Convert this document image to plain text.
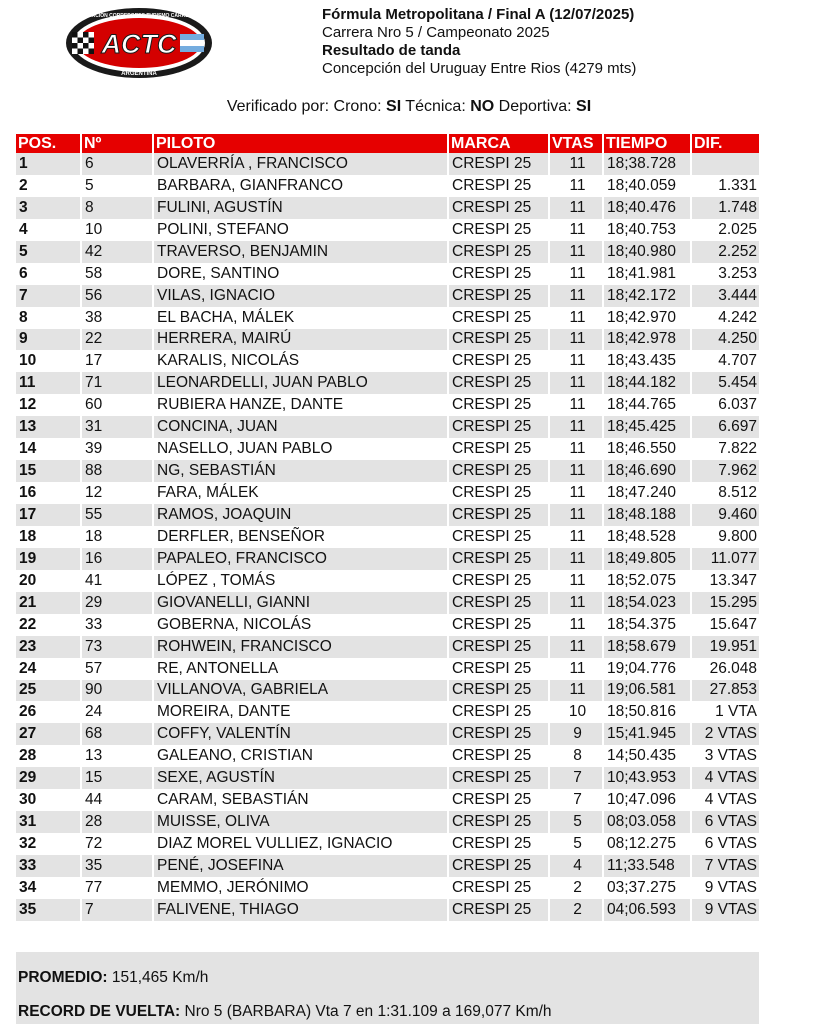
ACTC
ASOCIACIÓN CORREDORES TURISMO CARRETERA
ARGENTINA
Fórmula Metropolitana / Final A (12/07/2025)
Carrera Nro 5 / Campeonato 2025
Resultado de tanda
Concepción del Uruguay Entre Rios (4279 mts)
Verificado por: Crono: SI Técnica: NO Deportiva: SI
POS.	Nº	PILOTO	MARCA	VTAS	TIEMPO	DIF.
1	6	OLAVERRÍA , FRANCISCO	CRESPI 25	11	18;38.728	
2	5	BARBARA, GIANFRANCO	CRESPI 25	11	18;40.059	1.331
3	8	FULINI, AGUSTÍN	CRESPI 25	11	18;40.476	1.748
4	10	POLINI, STEFANO	CRESPI 25	11	18;40.753	2.025
5	42	TRAVERSO, BENJAMIN	CRESPI 25	11	18;40.980	2.252
6	58	DORE, SANTINO	CRESPI 25	11	18;41.981	3.253
7	56	VILAS, IGNACIO	CRESPI 25	11	18;42.172	3.444
8	38	EL BACHA, MÁLEK	CRESPI 25	11	18;42.970	4.242
9	22	HERRERA, MAIRÚ	CRESPI 25	11	18;42.978	4.250
10	17	KARALIS, NICOLÁS	CRESPI 25	11	18;43.435	4.707
11	71	LEONARDELLI, JUAN PABLO	CRESPI 25	11	18;44.182	5.454
12	60	RUBIERA HANZE, DANTE	CRESPI 25	11	18;44.765	6.037
13	31	CONCINA, JUAN	CRESPI 25	11	18;45.425	6.697
14	39	NASELLO, JUAN PABLO	CRESPI 25	11	18;46.550	7.822
15	88	NG, SEBASTIÁN	CRESPI 25	11	18;46.690	7.962
16	12	FARA, MÁLEK	CRESPI 25	11	18;47.240	8.512
17	55	RAMOS, JOAQUIN	CRESPI 25	11	18;48.188	9.460
18	18	DERFLER, BENSEÑOR	CRESPI 25	11	18;48.528	9.800
19	16	PAPALEO, FRANCISCO	CRESPI 25	11	18;49.805	11.077
20	41	LÓPEZ , TOMÁS	CRESPI 25	11	18;52.075	13.347
21	29	GIOVANELLI, GIANNI	CRESPI 25	11	18;54.023	15.295
22	33	GOBERNA, NICOLÁS	CRESPI 25	11	18;54.375	15.647
23	73	ROHWEIN, FRANCISCO	CRESPI 25	11	18;58.679	19.951
24	57	RE, ANTONELLA	CRESPI 25	11	19;04.776	26.048
25	90	VILLANOVA, GABRIELA	CRESPI 25	11	19;06.581	27.853
26	24	MOREIRA, DANTE	CRESPI 25	10	18;50.816	1 VTA
27	68	COFFY, VALENTÍN	CRESPI 25	9	15;41.945	2 VTAS
28	13	GALEANO, CRISTIAN	CRESPI 25	8	14;50.435	3 VTAS
29	15	SEXE, AGUSTÍN	CRESPI 25	7	10;43.953	4 VTAS
30	44	CARAM, SEBASTIÁN	CRESPI 25	7	10;47.096	4 VTAS
31	28	MUISSE, OLIVA	CRESPI 25	5	08;03.058	6 VTAS
32	72	DIAZ MOREL VULLIEZ, IGNACIO	CRESPI 25	5	08;12.275	6 VTAS
33	35	PENÉ, JOSEFINA	CRESPI 25	4	11;33.548	7 VTAS
34	77	MEMMO, JERÓNIMO	CRESPI 25	2	03;37.275	9 VTAS
35	7	FALIVENE, THIAGO	CRESPI 25	2	04;06.593	9 VTAS
PROMEDIO: 151,465 Km/h
RECORD DE VUELTA: Nro 5 (BARBARA) Vta 7 en 1:31.109 a 169,077 Km/h
